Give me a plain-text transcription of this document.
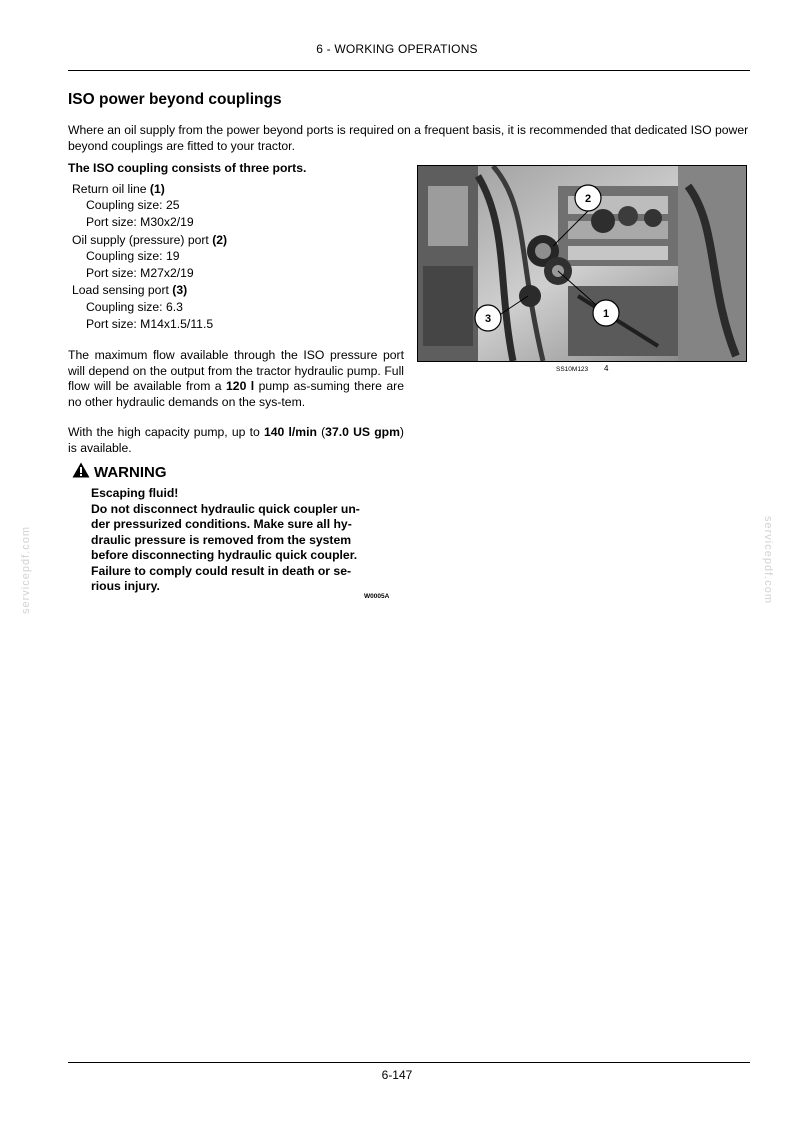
6 - WORKING OPERATIONS
ISO power beyond couplings

Where an oil supply from the power beyond ports is required on a frequent basis, it is recommended that dedicated ISO power beyond couplings are fitted to your tractor.

The ISO coupling consists of three ports.

Return oil line (1)
Coupling size: 25
Port size: M30x2/19
Oil supply (pressure) port (2)
Coupling size: 19
Port size: M27x2/19
Load sensing port (3)
Coupling size: 6.3
Port size: M14x1.5/11.5

The maximum flow available through the ISO pressure port will depend on the output from the tractor hydraulic pump. Full flow will be available from a 120 l pump as-suming there are no other hydraulic demands on the sys-tem.

With the high capacity pump, up to 140 l/min (37.0 US gpm) is available.

WARNING
Escaping fluid!
Do not disconnect hydraulic quick coupler un-
der pressurized conditions. Make sure all hy-
draulic pressure is removed from the system
before disconnecting hydraulic quick coupler.
Failure to comply could result in death or se-
rious injury.
W0005A
2
1
3
SS10M123 4
servicepdf.com	servicepdf.com
6-147
